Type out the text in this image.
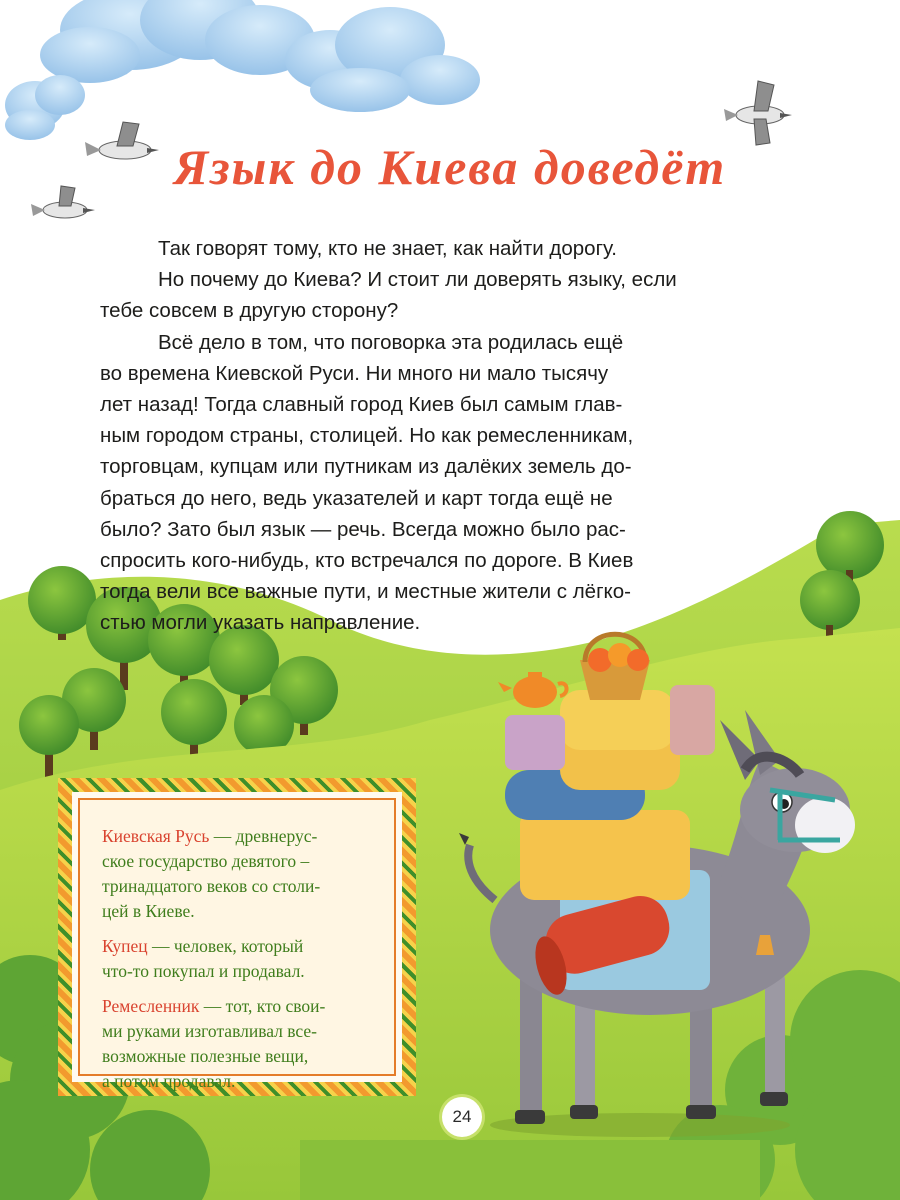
Язык до Киева доведёт

Так говорят тому, кто не знает, как найти дорогу.

Но почему до Киева? И стоит ли доверять языку, если
тебе совсем в другую сторону?

Всё дело в том, что поговорка эта родилась ещё
во времена Киевской Руси. Ни много ни мало тысячу
лет назад! Тогда славный город Киев был самым глав-
ным городом страны, столицей. Но как ремесленникам,
торговцам, купцам или путникам из далёких земель до-
браться до него, ведь указателей и карт тогда ещё не
было? Зато был язык — речь. Всегда можно было рас-
спросить кого-нибудь, кто встречался по дороге. В Киев
тогда вели все важные пути, и местные жители с лёгко-
стью могли указать направление.

Киевская Русь — древнерус-
ское государство девятого –
тринадцатого веков со столи-
цей в Киеве.

Купец — человек, который
что-то покупал и продавал.

Ремесленник — тот, кто свои-
ми руками изготавливал все-
возможные полезные вещи,
а потом продавал.

24
